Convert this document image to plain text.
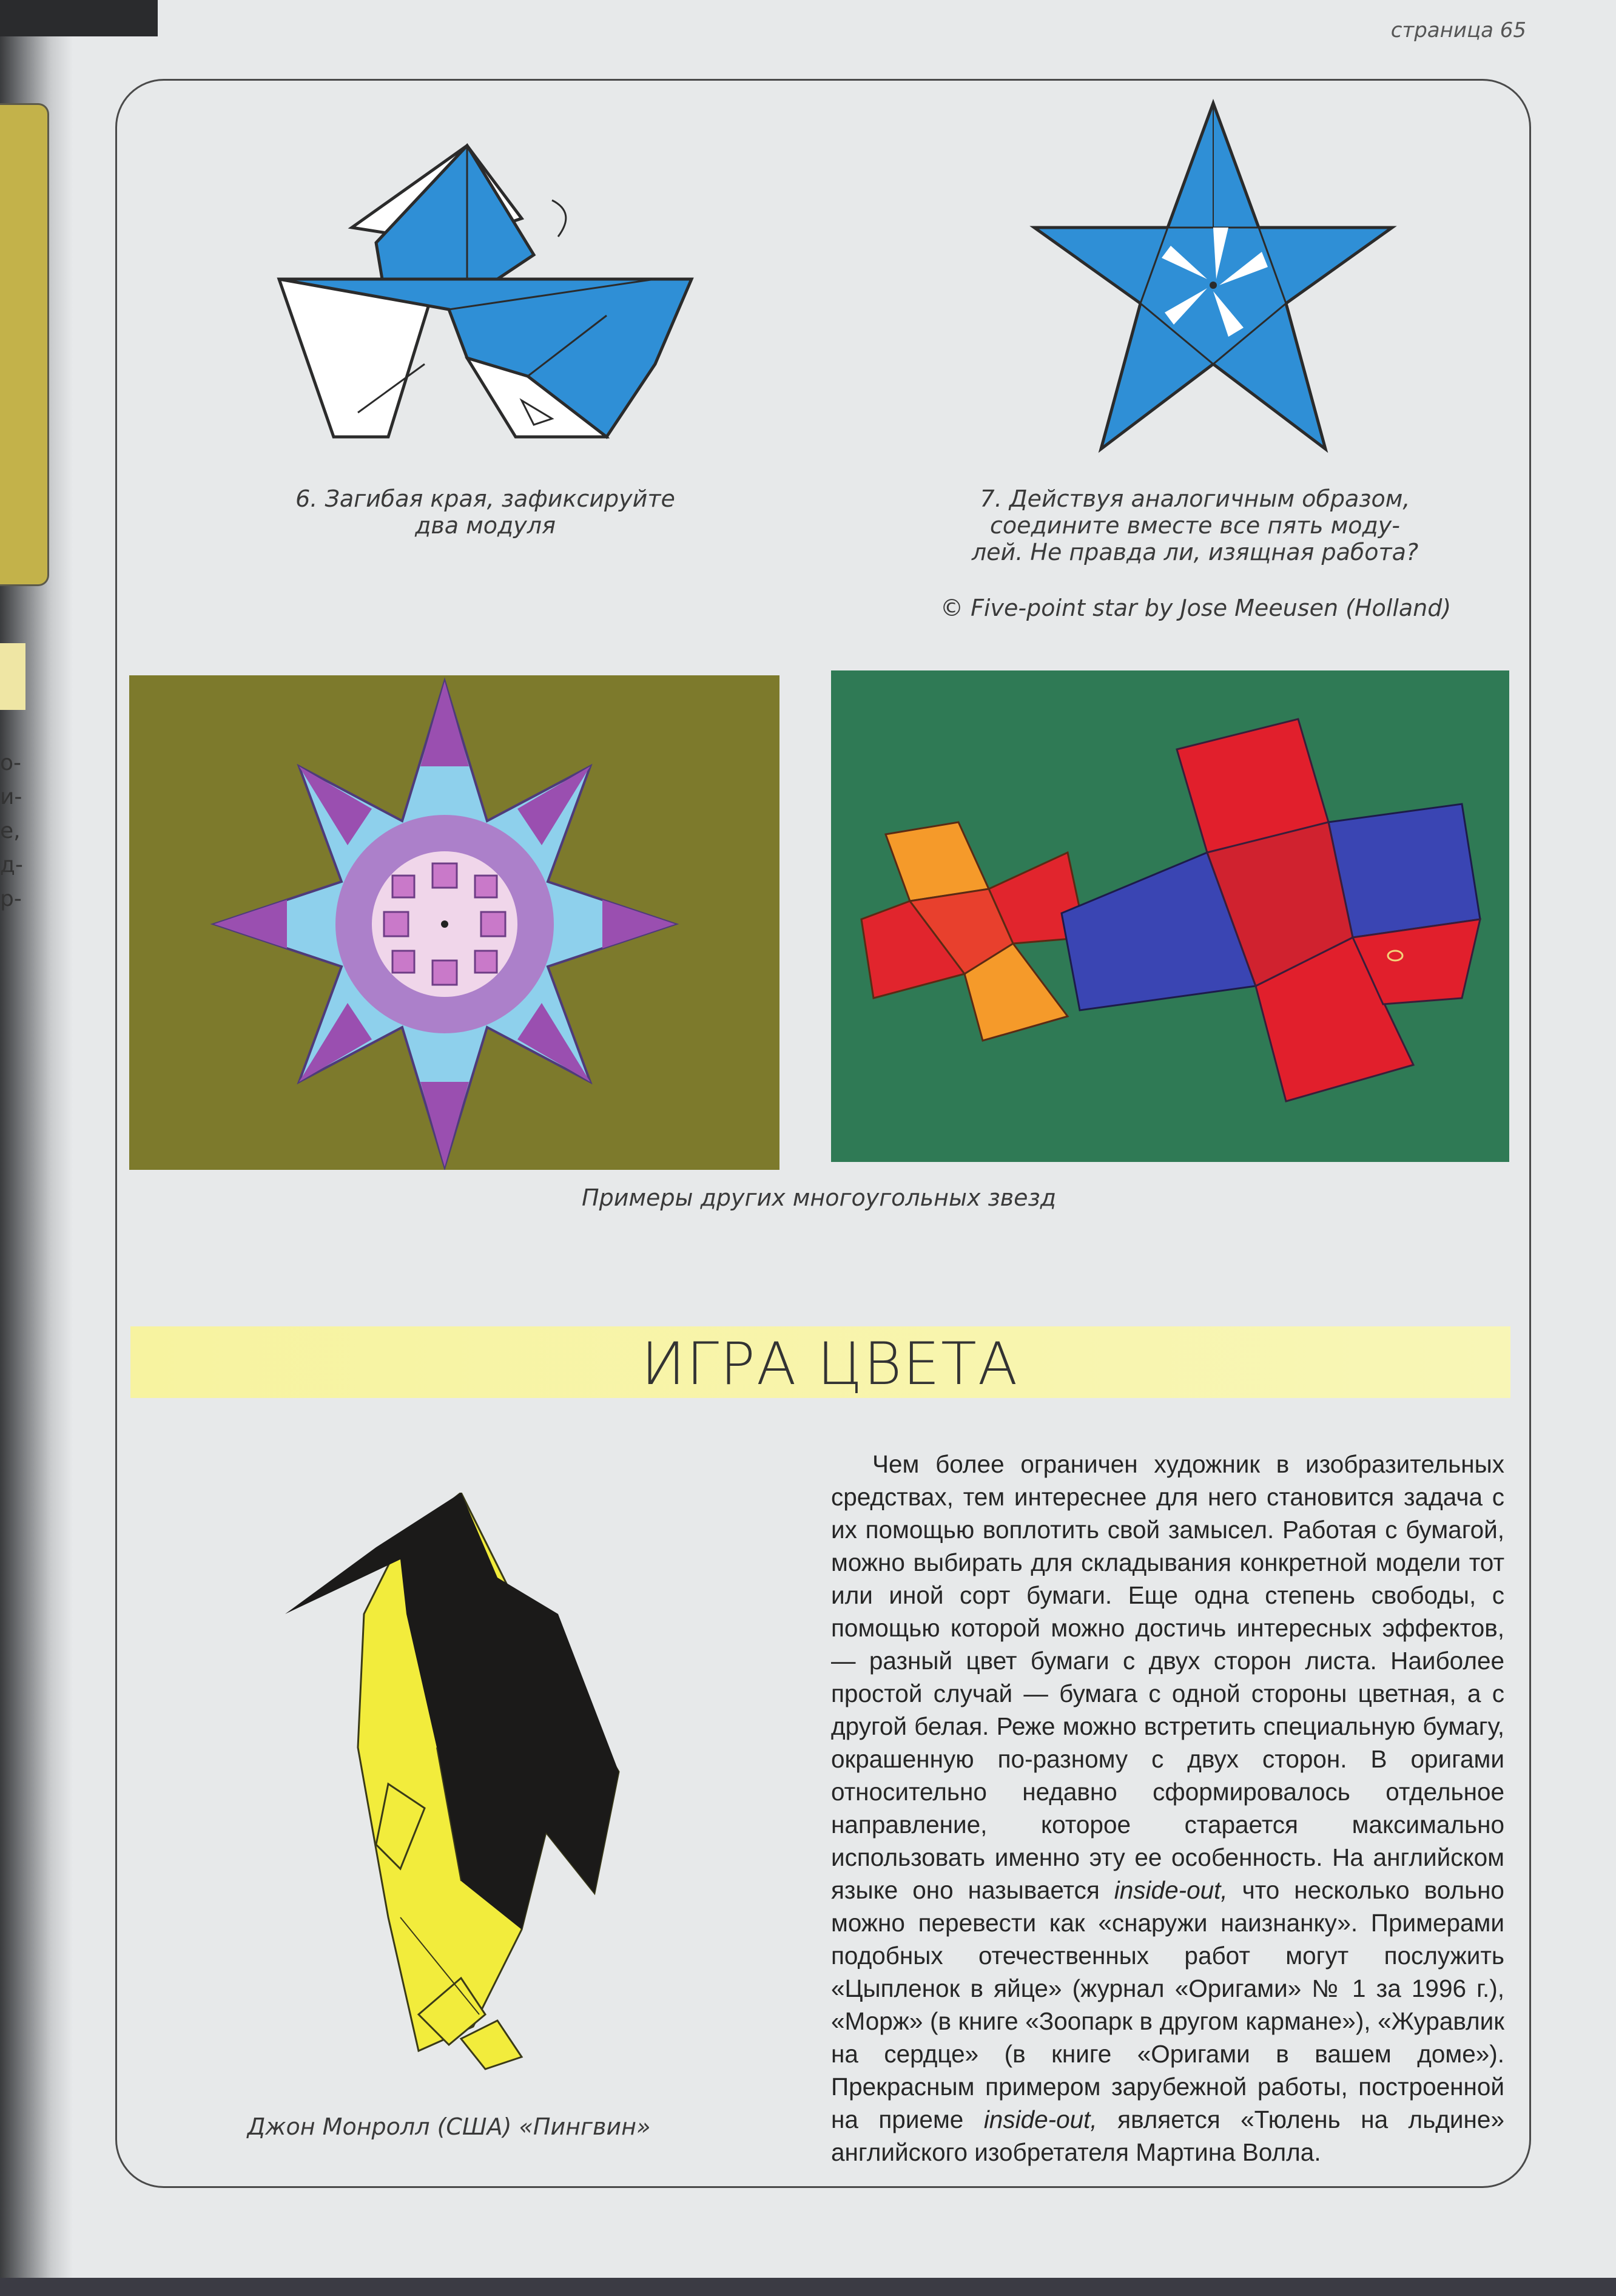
о-
и-
е,
д-
р-
страница 65
6. Загибая края, зафиксируйте
два модуля
7. Действуя аналогичным образом,
соедините вместе все пять моду-
лей. Не правда ли, изящная работа?
© Five-point star by Jose Meeusen (Holland)
Примеры других многоугольных звезд
ИГРА ЦВЕТА
Джон Монролл (США) «Пингвин»
Чем более ограничен художник в изобразительных средствах, тем интереснее для него становится задача с их помощью воплотить свой замысел. Работая с бумагой, можно выбирать для складывания конкретной модели тот или иной сорт бумаги. Еще одна степень свободы, с помощью которой можно достичь интересных эффектов, — разный цвет бумаги с двух сторон листа. Наиболее простой случай — бумага с одной стороны цветная, а с другой белая. Реже можно встретить специальную бумагу, окрашенную по-разному с двух сторон. В оригами относительно недавно сформировалось отдельное направление, которое старается максимально использовать именно эту ее особенность. На английском языке оно называется inside-out, что несколько вольно можно перевести как «снаружи наизнанку». Примерами подобных отечественных работ могут послужить «Цыпленок в яйце» (журнал «Оригами» № 1 за 1996 г.), «Морж» (в книге «Зоопарк в другом кармане»), «Журавлик на сердце» (в книге «Оригами в вашем доме»). Прекрасным примером зарубежной работы, построенной на приеме inside-out, является «Тюлень на льдине» английского изобретателя Мартина Волла.
